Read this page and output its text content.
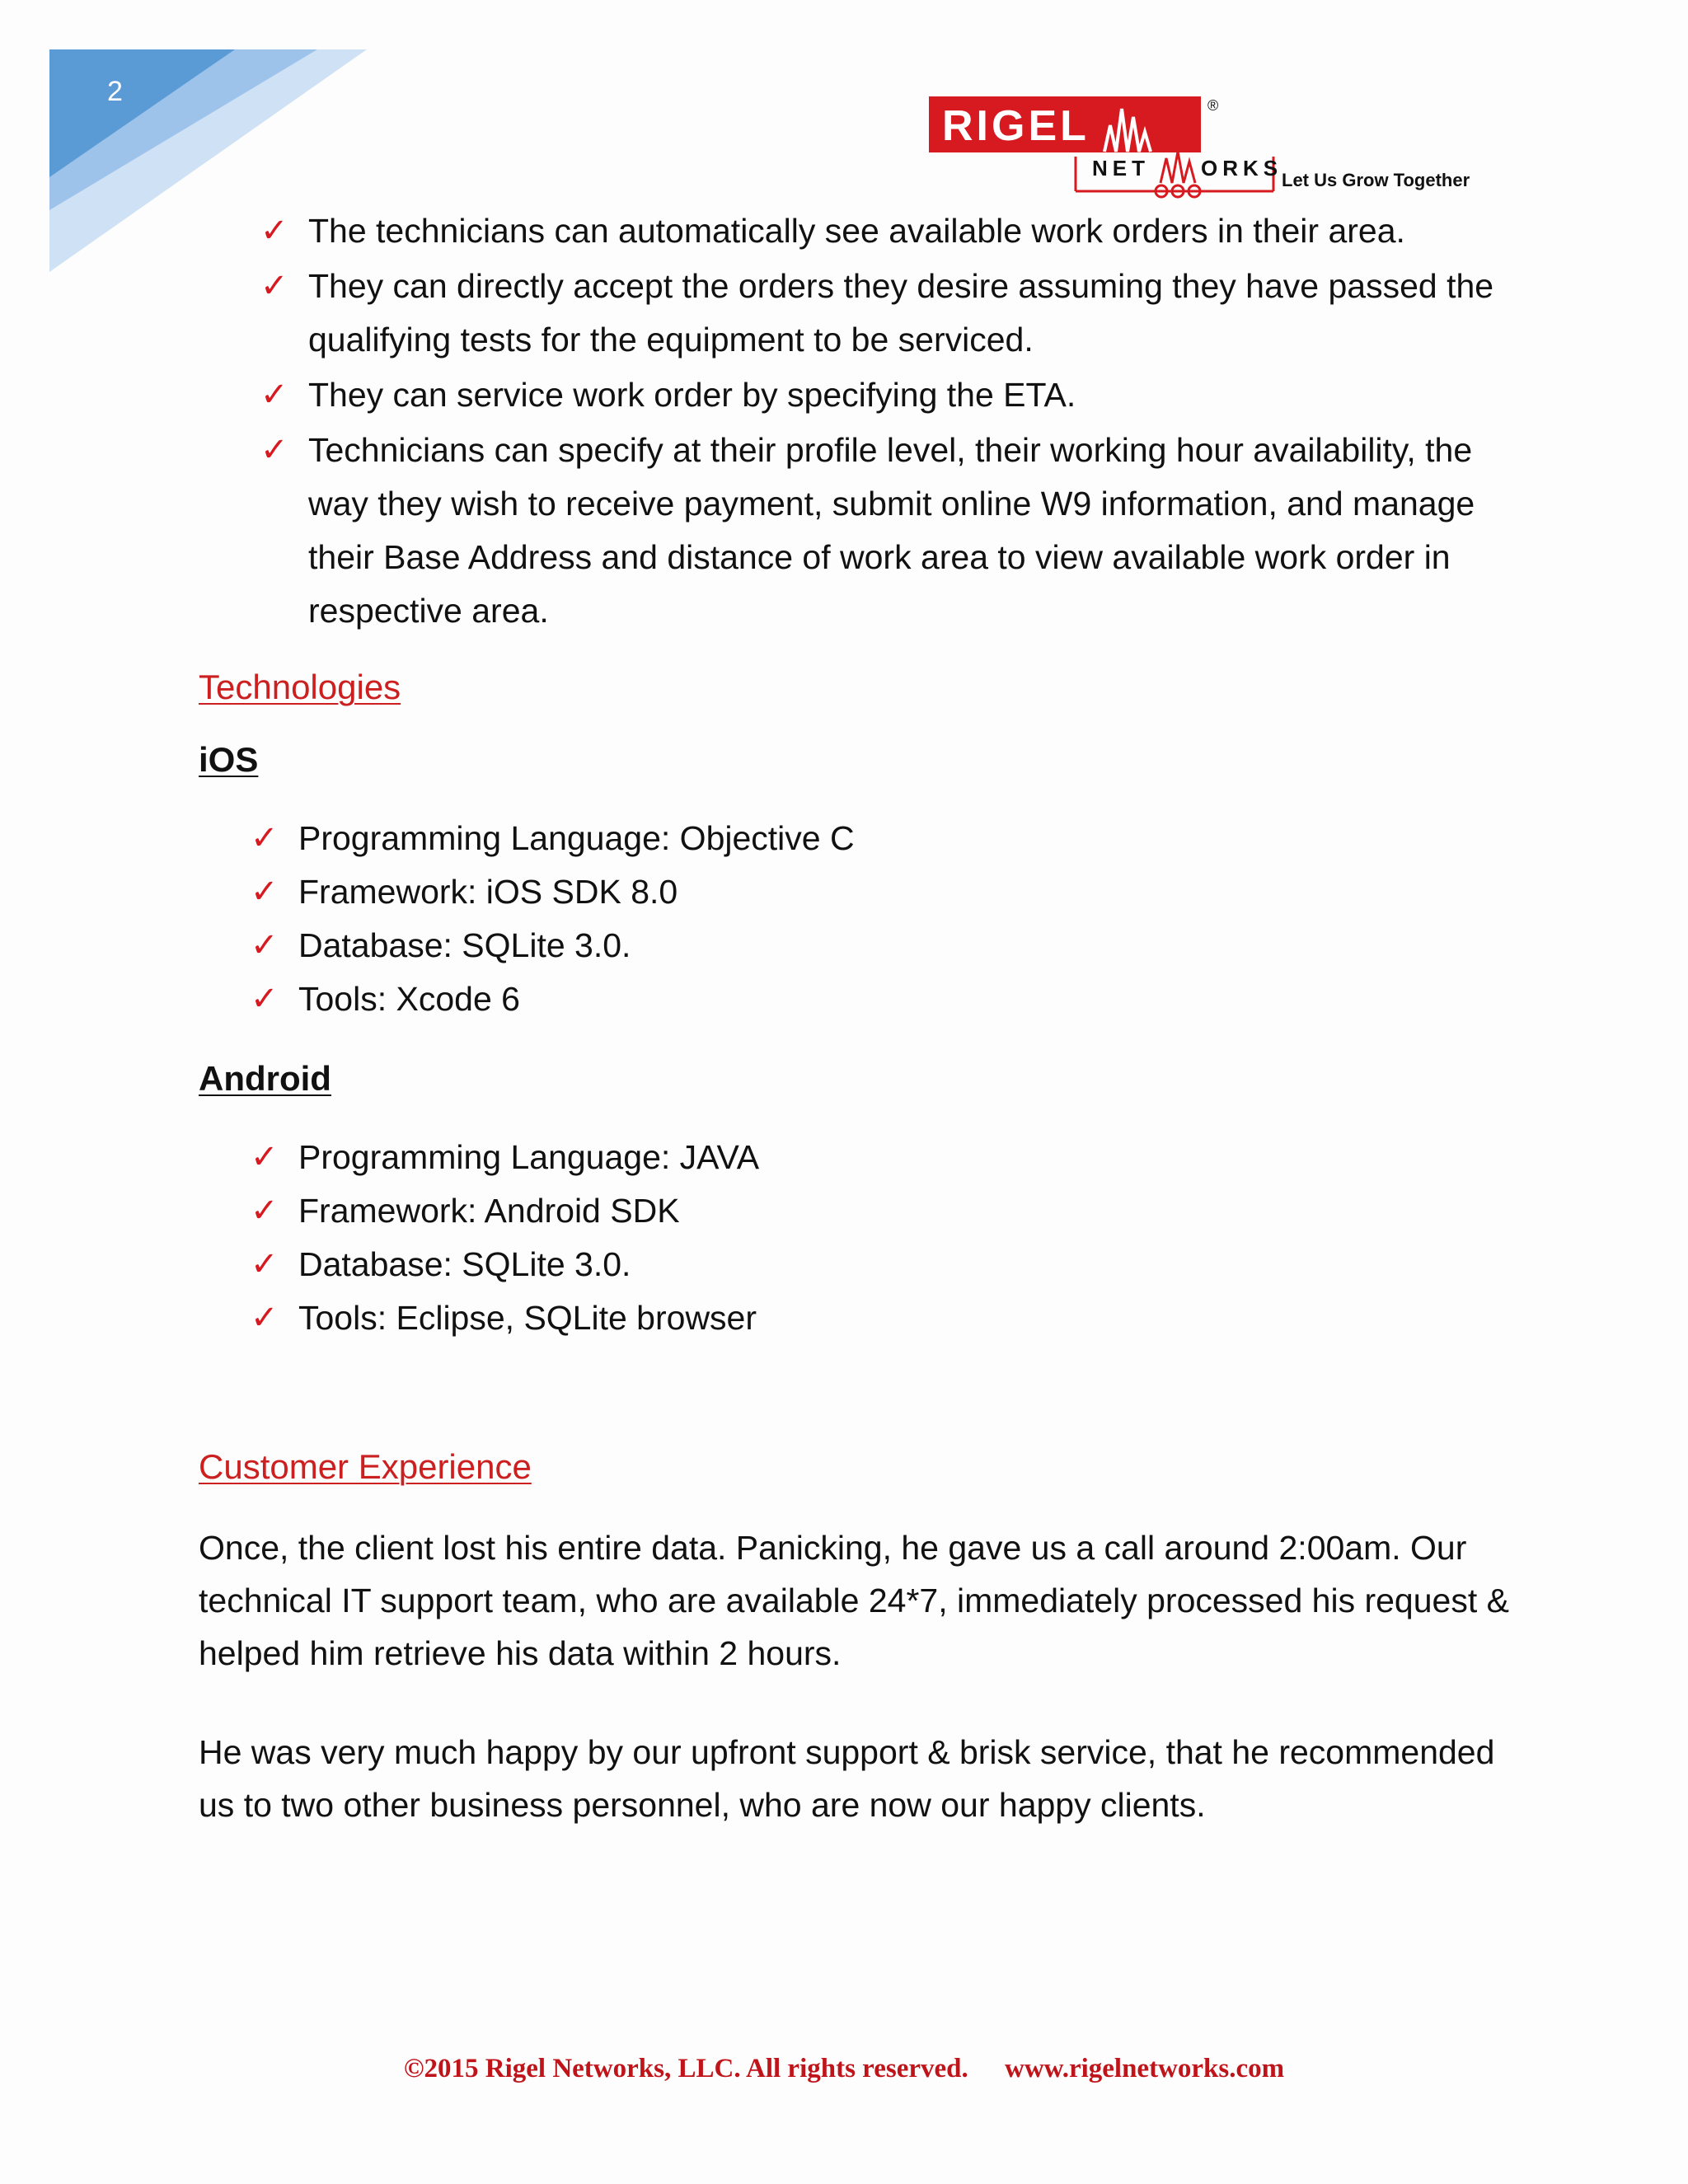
2
RIGEL	®
NET ORKS
Let Us Grow Together
✓ The technicians can automatically see available work orders in their area.
✓ They can directly accept the orders they desire assuming they have passed the qualifying tests for the equipment to be serviced.
✓ They can service work order by specifying the ETA.
✓ Technicians can specify at their profile level, their working hour availability, the way they wish to receive payment, submit online W9 information, and manage their Base Address and distance of work area to view available work order in respective area.
Technologies
iOS
✓ Programming Language: Objective C
✓ Framework: iOS SDK 8.0
✓ Database: SQLite 3.0.
✓ Tools: Xcode 6
Android
✓ Programming Language: JAVA
✓ Framework: Android SDK
✓ Database: SQLite 3.0.
✓ Tools: Eclipse, SQLite browser
Customer Experience

Once, the client lost his entire data. Panicking, he gave us a call around 2:00am. Our technical IT support team, who are available 24*7, immediately processed his request & helped him retrieve his data within 2 hours.

He was very much happy by our upfront support & brisk service, that he recommended us to two other business personnel, who are now our happy clients.

©2015 Rigel Networks, LLC. All rights reserved. www.rigelnetworks.com
